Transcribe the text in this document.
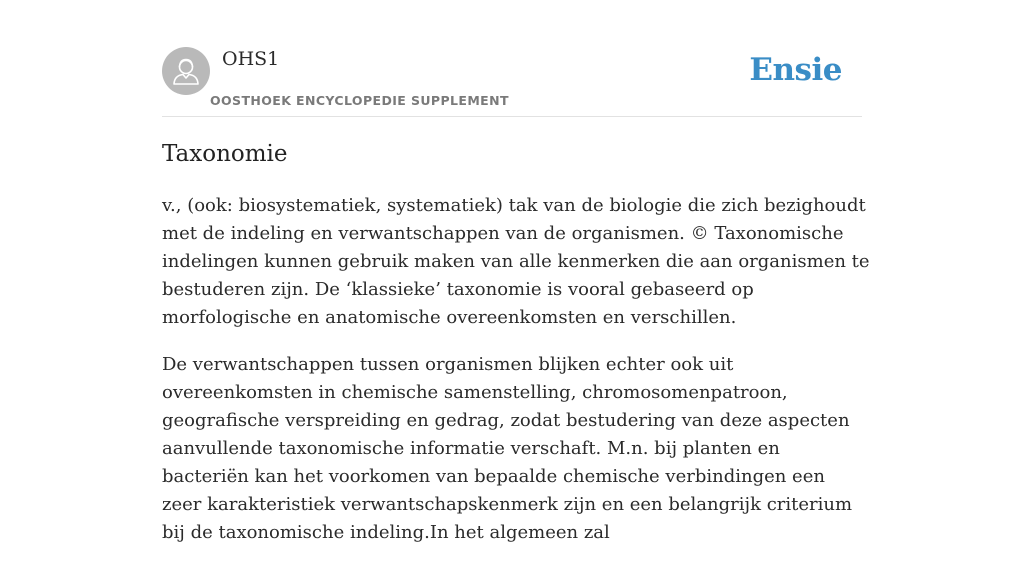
OHS1
OOSTHOEK ENCYCLOPEDIE SUPPLEMENT
Ensie
Taxonomie

v., (ook: biosystematiek, systematiek) tak van de biologie die zich bezighoudt met de indeling en verwantschappen van de organismen. © Taxonomische indelingen kunnen gebruik maken van alle kenmerken die aan organismen te bestuderen zijn. De ‘klassieke’ taxonomie is vooral gebaseerd op morfologische en anatomische overeenkomsten en verschillen.

De verwantschappen tussen organismen blijken echter ook uit overeenkomsten in chemische samenstelling, chromosomenpatroon, geografische verspreiding en gedrag, zodat bestudering van deze aspecten aanvullende taxonomische informatie verschaft. M.n. bij planten en bacteriën kan het voorkomen van bepaalde chemische verbindingen een zeer karakteristiek verwantschapskenmerk zijn en een belangrijk criterium bij de taxonomische indeling.In het algemeen zal
